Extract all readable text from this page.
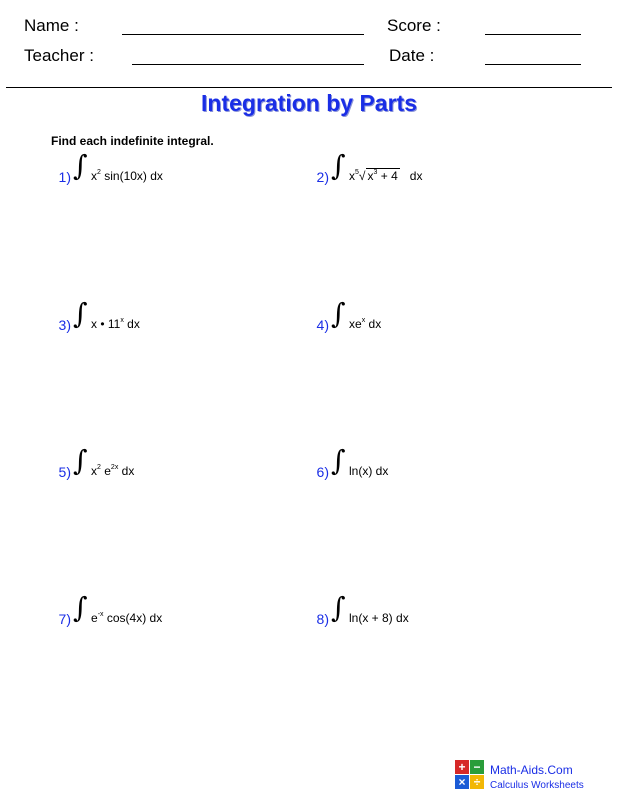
Name :	Score :
Teacher :	Date :
Integration by Parts
Find each indefinite integral.
1) ∫ $x^2$ sin(10x) dx	2) ∫ $x^5√$ $x^3 + 4$   dx
3) ∫ x • 11$^x$ dx	4) ∫ $xe^x$ dx
5) ∫ $x^2$ $e^{2x}$ dx	6) ∫ ln(x) dx
7) ∫ $e^{-x}$ cos(4x) dx	8) ∫ ln(x + 8) dx
+ −
× ÷
Math-Aids.Com
Calculus Worksheets
